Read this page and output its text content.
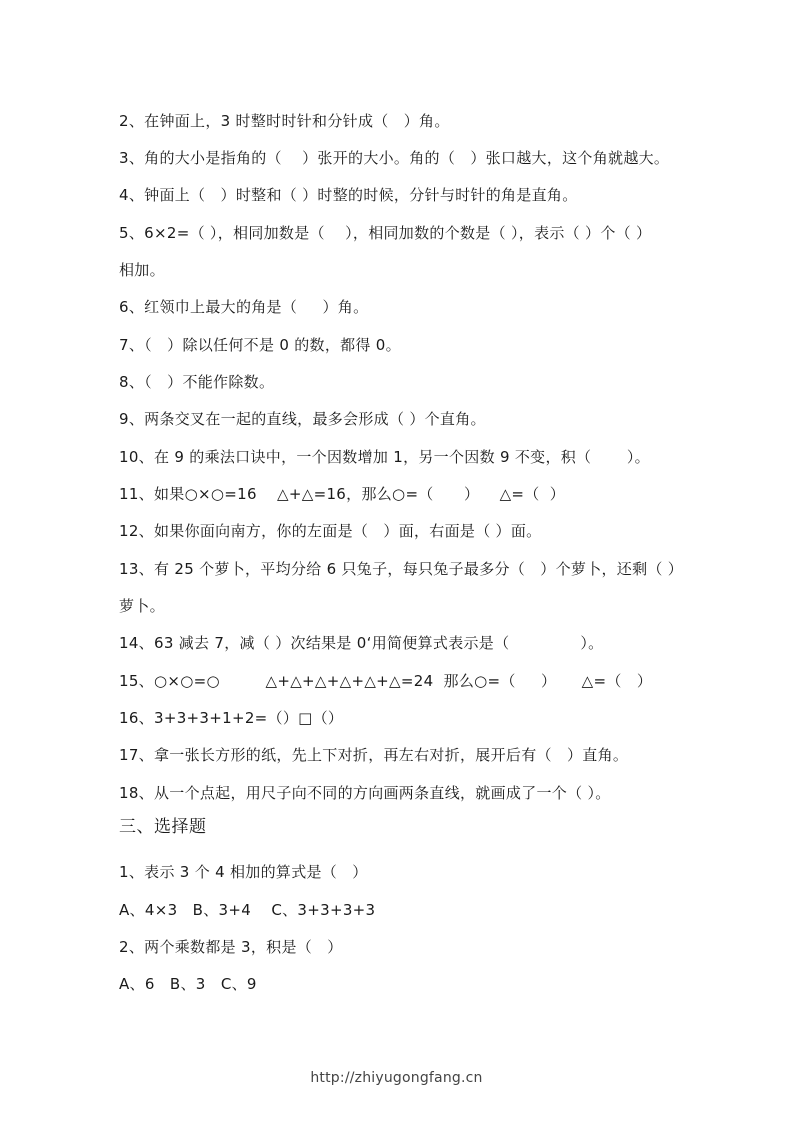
2、在钟面上，3 时整时时针和分针成（   ）角。
3、角的大小是指角的（    ）张开的大小。角的（   ）张口越大，这个角就越大。
4、钟面上（   ）时整和（ ）时整的时候，分针与时针的角是直角。
5、6×2=（ ），相同加数是（    ），相同加数的个数是（ ），表示（ ）个（ ）
相加。
6、红领巾上最大的角是（     ）角。
7、（   ）除以任何不是 0 的数，都得 0。
8、（   ）不能作除数。
9、两条交叉在一起的直线，最多会形成（ ）个直角。
10、在 9 的乘法口诀中，一个因数增加 1，另一个因数 9 不变，积（       ）。
11、如果○×○=16    △+△=16，那么○=（      ）    △=（  ）
12、如果你面向南方，你的左面是（   ）面，右面是（ ）面。
13、有 25 个萝卜，平均分给 6 只兔子，每只兔子最多分（   ）个萝卜，还剩（ ）
萝卜。
14、63 减去 7，减（ ）次结果是 0‘用简便算式表示是（              ）。
15、○×○=○         △+△+△+△+△+△=24  那么○=（     ）     △=（   ）
16、3+3+3+1+2=（）□（）
17、拿一张长方形的纸，先上下对折，再左右对折，展开后有（   ）直角。
18、从一个点起，用尺子向不同的方向画两条直线，就画成了一个（ ）。
三、选择题
1、表示 3 个 4 相加的算式是（   ）
A、4×3   B、3+4    C、3+3+3+3
2、两个乘数都是 3，积是（   ）
A、6   B、3   C、9
http://zhiyugongfang.cn
